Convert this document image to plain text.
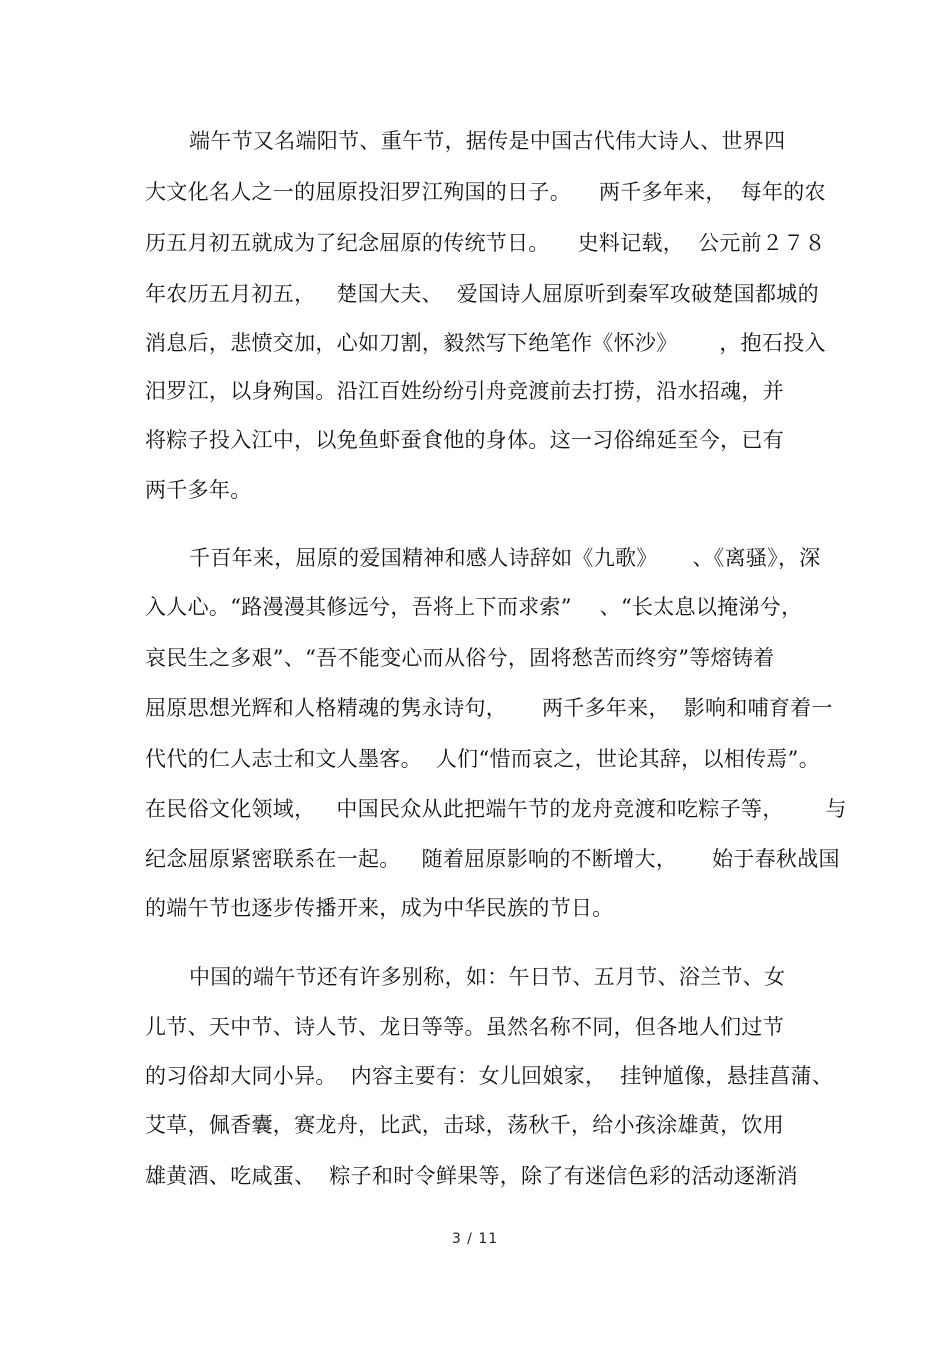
端午节又名端阳节、重午节，据传是中国古代伟大诗人、世界四
大文化名人之一的屈原投汨罗江殉国的日子。    两千多年来，  每年的农
历五月初五就成为了纪念屈原的传统节日。    史料记载，  公元前２７８
年农历五月初五，   楚国大夫、  爱国诗人屈原听到秦军攻破楚国都城的
消息后，悲愤交加，心如刀割，毅然写下绝笔作《怀沙》      ，抱石投入
汨罗江，以身殉国。沿江百姓纷纷引舟竞渡前去打捞，沿水招魂，并
将粽子投入江中，以免鱼虾蚕食他的身体。这一习俗绵延至今，已有
两千多年。
千百年来，屈原的爱国精神和感人诗辞如《九歌》     、《离骚》，深
入人心。“路漫漫其修远兮，吾将上下而求索”    、“长太息以掩涕兮，
哀民生之多艰”、“吾不能变心而从俗兮，固将愁苦而终穷”等熔铸着
屈原思想光辉和人格精魂的隽永诗句，     两千多年来，  影响和哺育着一
代代的仁人志士和文人墨客。  人们“惜而哀之，世论其辞，以相传焉”。
在民俗文化领域，   中国民众从此把端午节的龙舟竞渡和吃粽子等，      与
纪念屈原紧密联系在一起。   随着屈原影响的不断增大，     始于春秋战国
的端午节也逐步传播开来，成为中华民族的节日。
中国的端午节还有许多别称，如：午日节、五月节、浴兰节、女
儿节、天中节、诗人节、龙日等等。虽然名称不同，但各地人们过节
的习俗却大同小异。  内容主要有：女儿回娘家，  挂钟馗像，悬挂菖蒲、
艾草，佩香囊，赛龙舟，比武，击球，荡秋千，给小孩涂雄黄，饮用
雄黄酒、吃咸蛋、  粽子和时令鲜果等，除了有迷信色彩的活动逐渐消
3 / 11
